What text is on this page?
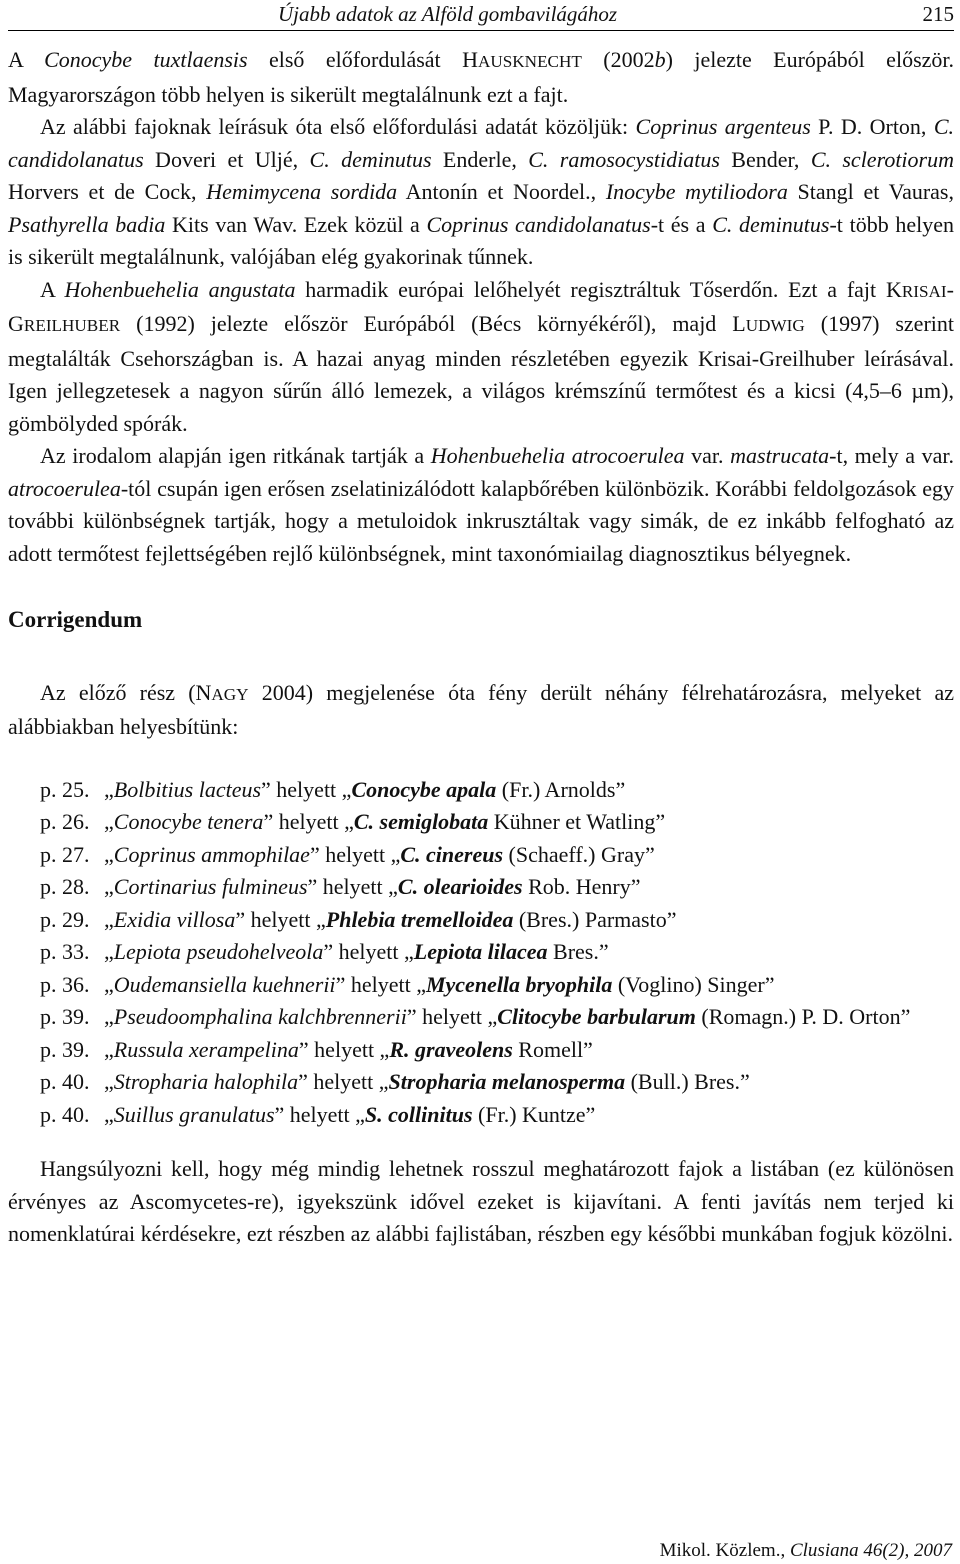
Újabb adatok az Alföld gombavilágához	215

A Conocybe tuxtlaensis első előfordulását HAUSKNECHT (2002b) jelezte Európából először. Magyarországon több helyen is sikerült megtalálnunk ezt a fajt.

Az alábbi fajoknak leírásuk óta első előfordulási adatát közöljük: Coprinus argenteus P. D. Orton, C. candidolanatus Doveri et Uljé, C. deminutus Enderle, C. ramosocystidiatus Bender, C. sclerotiorum Horvers et de Cock, Hemimycena sordida Antonín et Noordel., Inocybe mytiliodora Stangl et Vauras, Psathyrella badia Kits van Wav. Ezek közül a Coprinus candidolanatus-t és a C. deminutus-t több helyen is sikerült megtalálnunk, valójában elég gyakorinak tűnnek.

A Hohenbuehelia angustata harmadik európai lelőhelyét regisztráltuk Tőserdőn. Ezt a fajt KRISAI-GREILHUBER (1992) jelezte először Európából (Bécs környékéről), majd LUDWIG (1997) szerint megtalálták Csehországban is. A hazai anyag minden részletében egyezik Krisai-Greilhuber leírásával. Igen jellegzetesek a nagyon sűrűn álló lemezek, a világos krémszínű termőtest és a kicsi (4,5–6 µm), gömbölyded spórák.

Az irodalom alapján igen ritkának tartják a Hohenbuehelia atrocoerulea var. mastrucata-t, mely a var. atrocoerulea-tól csupán igen erősen zselatinizálódott kalapbőrében különbözik. Korábbi feldolgozások egy további különbségnek tartják, hogy a metuloidok inkrusztáltak vagy simák, de ez inkább felfogható az adott termőtest fejlettségében rejlő különbségnek, mint taxonómiailag diagnosztikus bélyegnek.

Corrigendum

Az előző rész (NAGY 2004) megjelenése óta fény derült néhány félrehatározásra, melyeket az alábbiakban helyesbítünk:

p. 25. „Bolbitius lacteus” helyett „Conocybe apala (Fr.) Arnolds”
p. 26. „Conocybe tenera” helyett „C. semiglobata Kühner et Watling”
p. 27. „Coprinus ammophilae” helyett „C. cinereus (Schaeff.) Gray”
p. 28. „Cortinarius fulmineus” helyett „C. olearioides Rob. Henry”
p. 29. „Exidia villosa” helyett „Phlebia tremelloidea (Bres.) Parmasto”
p. 33. „Lepiota pseudohelveola” helyett „Lepiota lilacea Bres.”
p. 36. „Oudemansiella kuehnerii” helyett „Mycenella bryophila (Voglino) Singer”
p. 39. „Pseudoomphalina kalchbrennerii” helyett „Clitocybe barbularum (Romagn.) P. D. Orton”
p. 39. „Russula xerampelina” helyett „R. graveolens Romell”
p. 40. „Stropharia halophila” helyett „Stropharia melanosperma (Bull.) Bres.”
p. 40. „Suillus granulatus” helyett „S. collinitus (Fr.) Kuntze”

Hangsúlyozni kell, hogy még mindig lehetnek rosszul meghatározott fajok a listában (ez különösen érvényes az Ascomycetes-re), igyekszünk idővel ezeket is kijavítani. A fenti javítás nem terjed ki nomenklatúrai kérdésekre, ezt részben az alábbi fajlistában, részben egy későbbi munkában fogjuk közölni.

Mikol. Közlem., Clusiana 46(2), 2007
